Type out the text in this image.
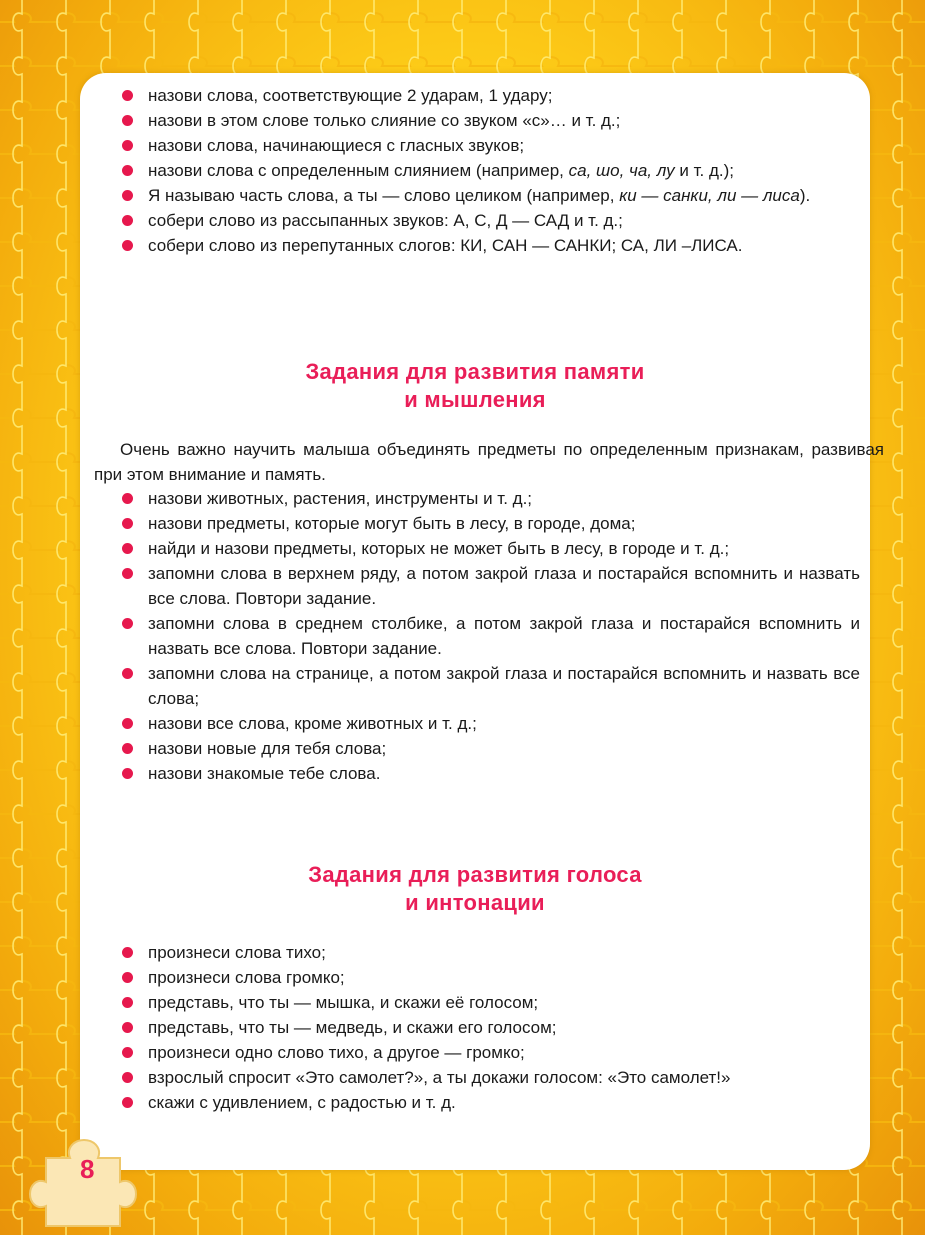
назови слова, соответствующие 2 ударам, 1 удару;
назови в этом слове только слияние со звуком «с»… и т. д.;
назови слова, начинающиеся с гласных звуков;
назови слова с определенным слиянием (например, са, шо, ча, лу и т. д.);
Я называю часть слова, а ты — слово целиком (например, ки — санки, ли — лиса).
собери слово из рассыпанных звуков: А, С, Д — САД и т. д.;
собери слово из перепутанных слогов: КИ, САН — САНКИ; СА, ЛИ –ЛИСА.
Задания для развития памяти
и мышления

Очень важно научить малыша объединять предметы по определенным признакам, развивая при этом внимание и память.

назови животных, растения, инструменты и т. д.;
назови предметы, которые могут быть в лесу, в городе, дома;
найди и назови предметы, которых не может быть в лесу, в городе и т. д.;
запомни слова в верхнем ряду, а потом закрой глаза и постарайся вспомнить и назвать все слова. Повтори задание.
запомни слова в среднем столбике, а потом закрой глаза и постарайся вспомнить и назвать все слова. Повтори задание.
запомни слова на странице, а потом закрой глаза и постарайся вспомнить и назвать все слова;
назови все слова, кроме животных и т. д.;
назови новые для тебя слова;
назови знакомые тебе слова.
Задания для развития голоса
и интонации
произнеси слова тихо;
произнеси слова громко;
представь, что ты — мышка, и скажи её голосом;
представь, что ты — медведь, и скажи его голосом;
произнеси одно слово тихо, а другое — громко;
взрослый спросит «Это самолет?», а ты докажи голосом: «Это самолет!»
скажи с удивлением, с радостью и т. д.
8
